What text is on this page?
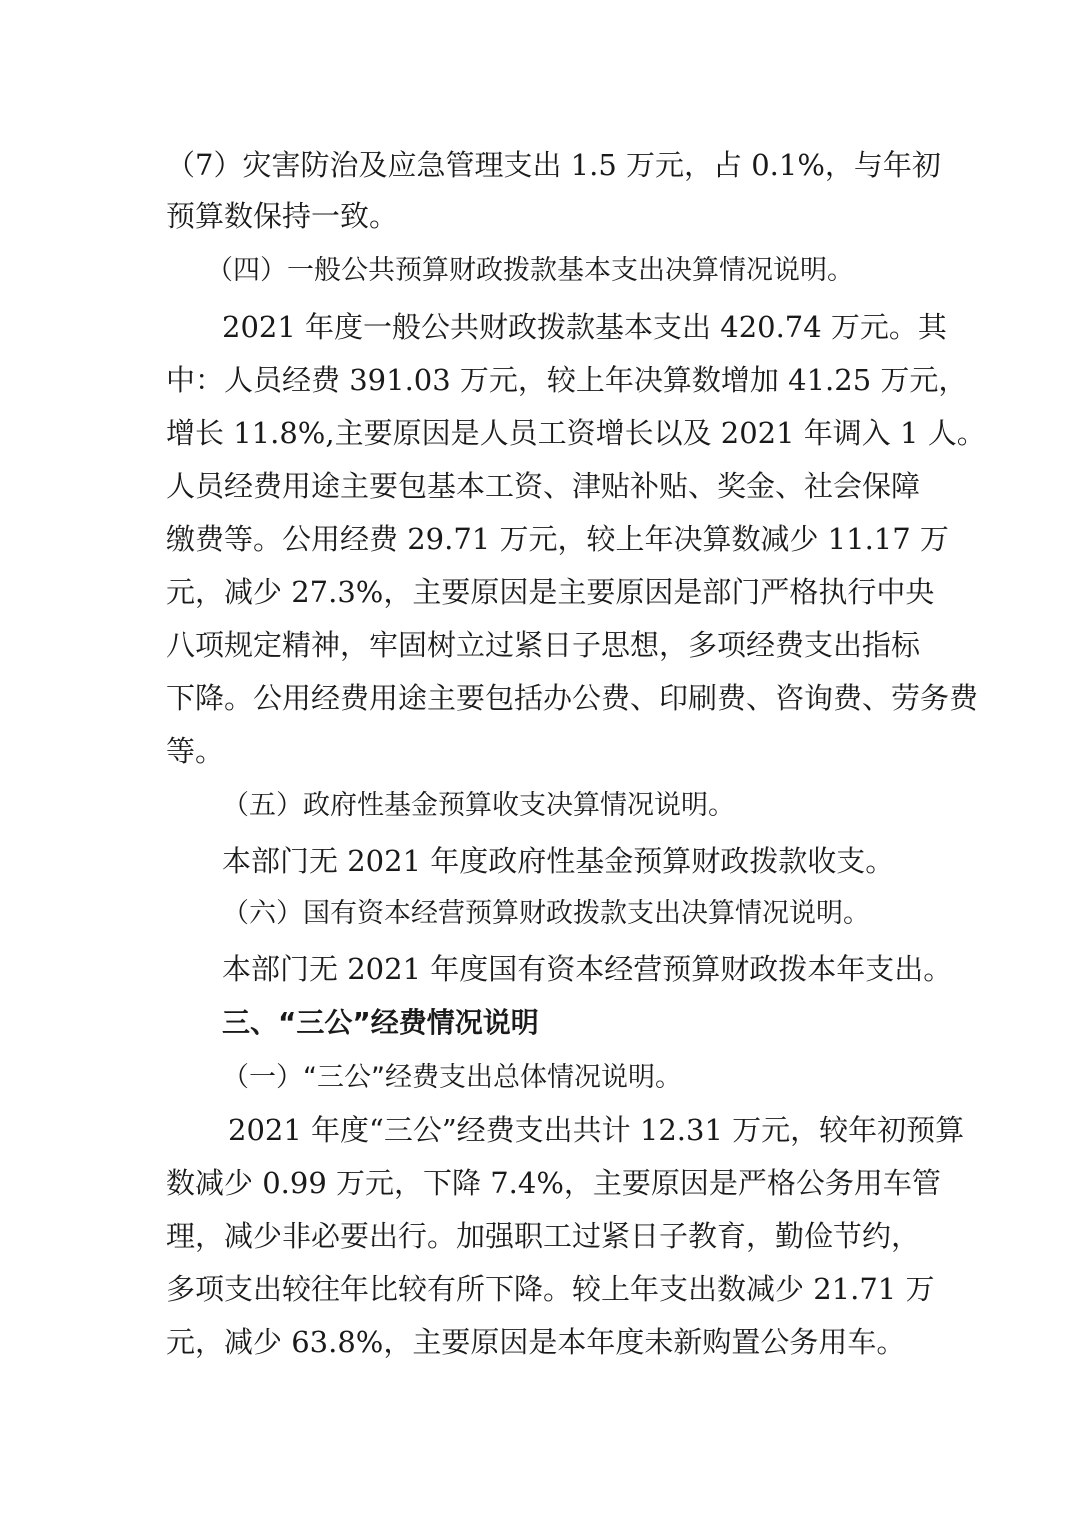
（7）灾害防治及应急管理支出 1.5 万元，占 0.1%，与年初
预算数保持一致。
（四）一般公共预算财政拨款基本支出决算情况说明。
2021 年度一般公共财政拨款基本支出 420.74 万元。其
中：人员经费 391.03 万元，较上年决算数增加 41.25 万元，
增长 11.8%,主要原因是人员工资增长以及 2021 年调入 1 人。
人员经费用途主要包基本工资、津贴补贴、奖金、社会保障
缴费等。公用经费 29.71 万元，较上年决算数减少 11.17 万
元，减少 27.3%，主要原因是主要原因是部门严格执行中央
八项规定精神，牢固树立过紧日子思想，多项经费支出指标
下降。公用经费用途主要包括办公费、印刷费、咨询费、劳务费
等。
（五）政府性基金预算收支决算情况说明。
本部门无 2021 年度政府性基金预算财政拨款收支。
（六）国有资本经营预算财政拨款支出决算情况说明。
本部门无 2021 年度国有资本经营预算财政拨本年支出。
三、“三公”经费情况说明
（一）“三公”经费支出总体情况说明。
2021 年度“三公”经费支出共计 12.31 万元，较年初预算
数减少 0.99 万元，下降 7.4%，主要原因是严格公务用车管
理，减少非必要出行。加强职工过紧日子教育，勤俭节约，
多项支出较往年比较有所下降。较上年支出数减少 21.71 万
元，减少 63.8%，主要原因是本年度未新购置公务用车。
